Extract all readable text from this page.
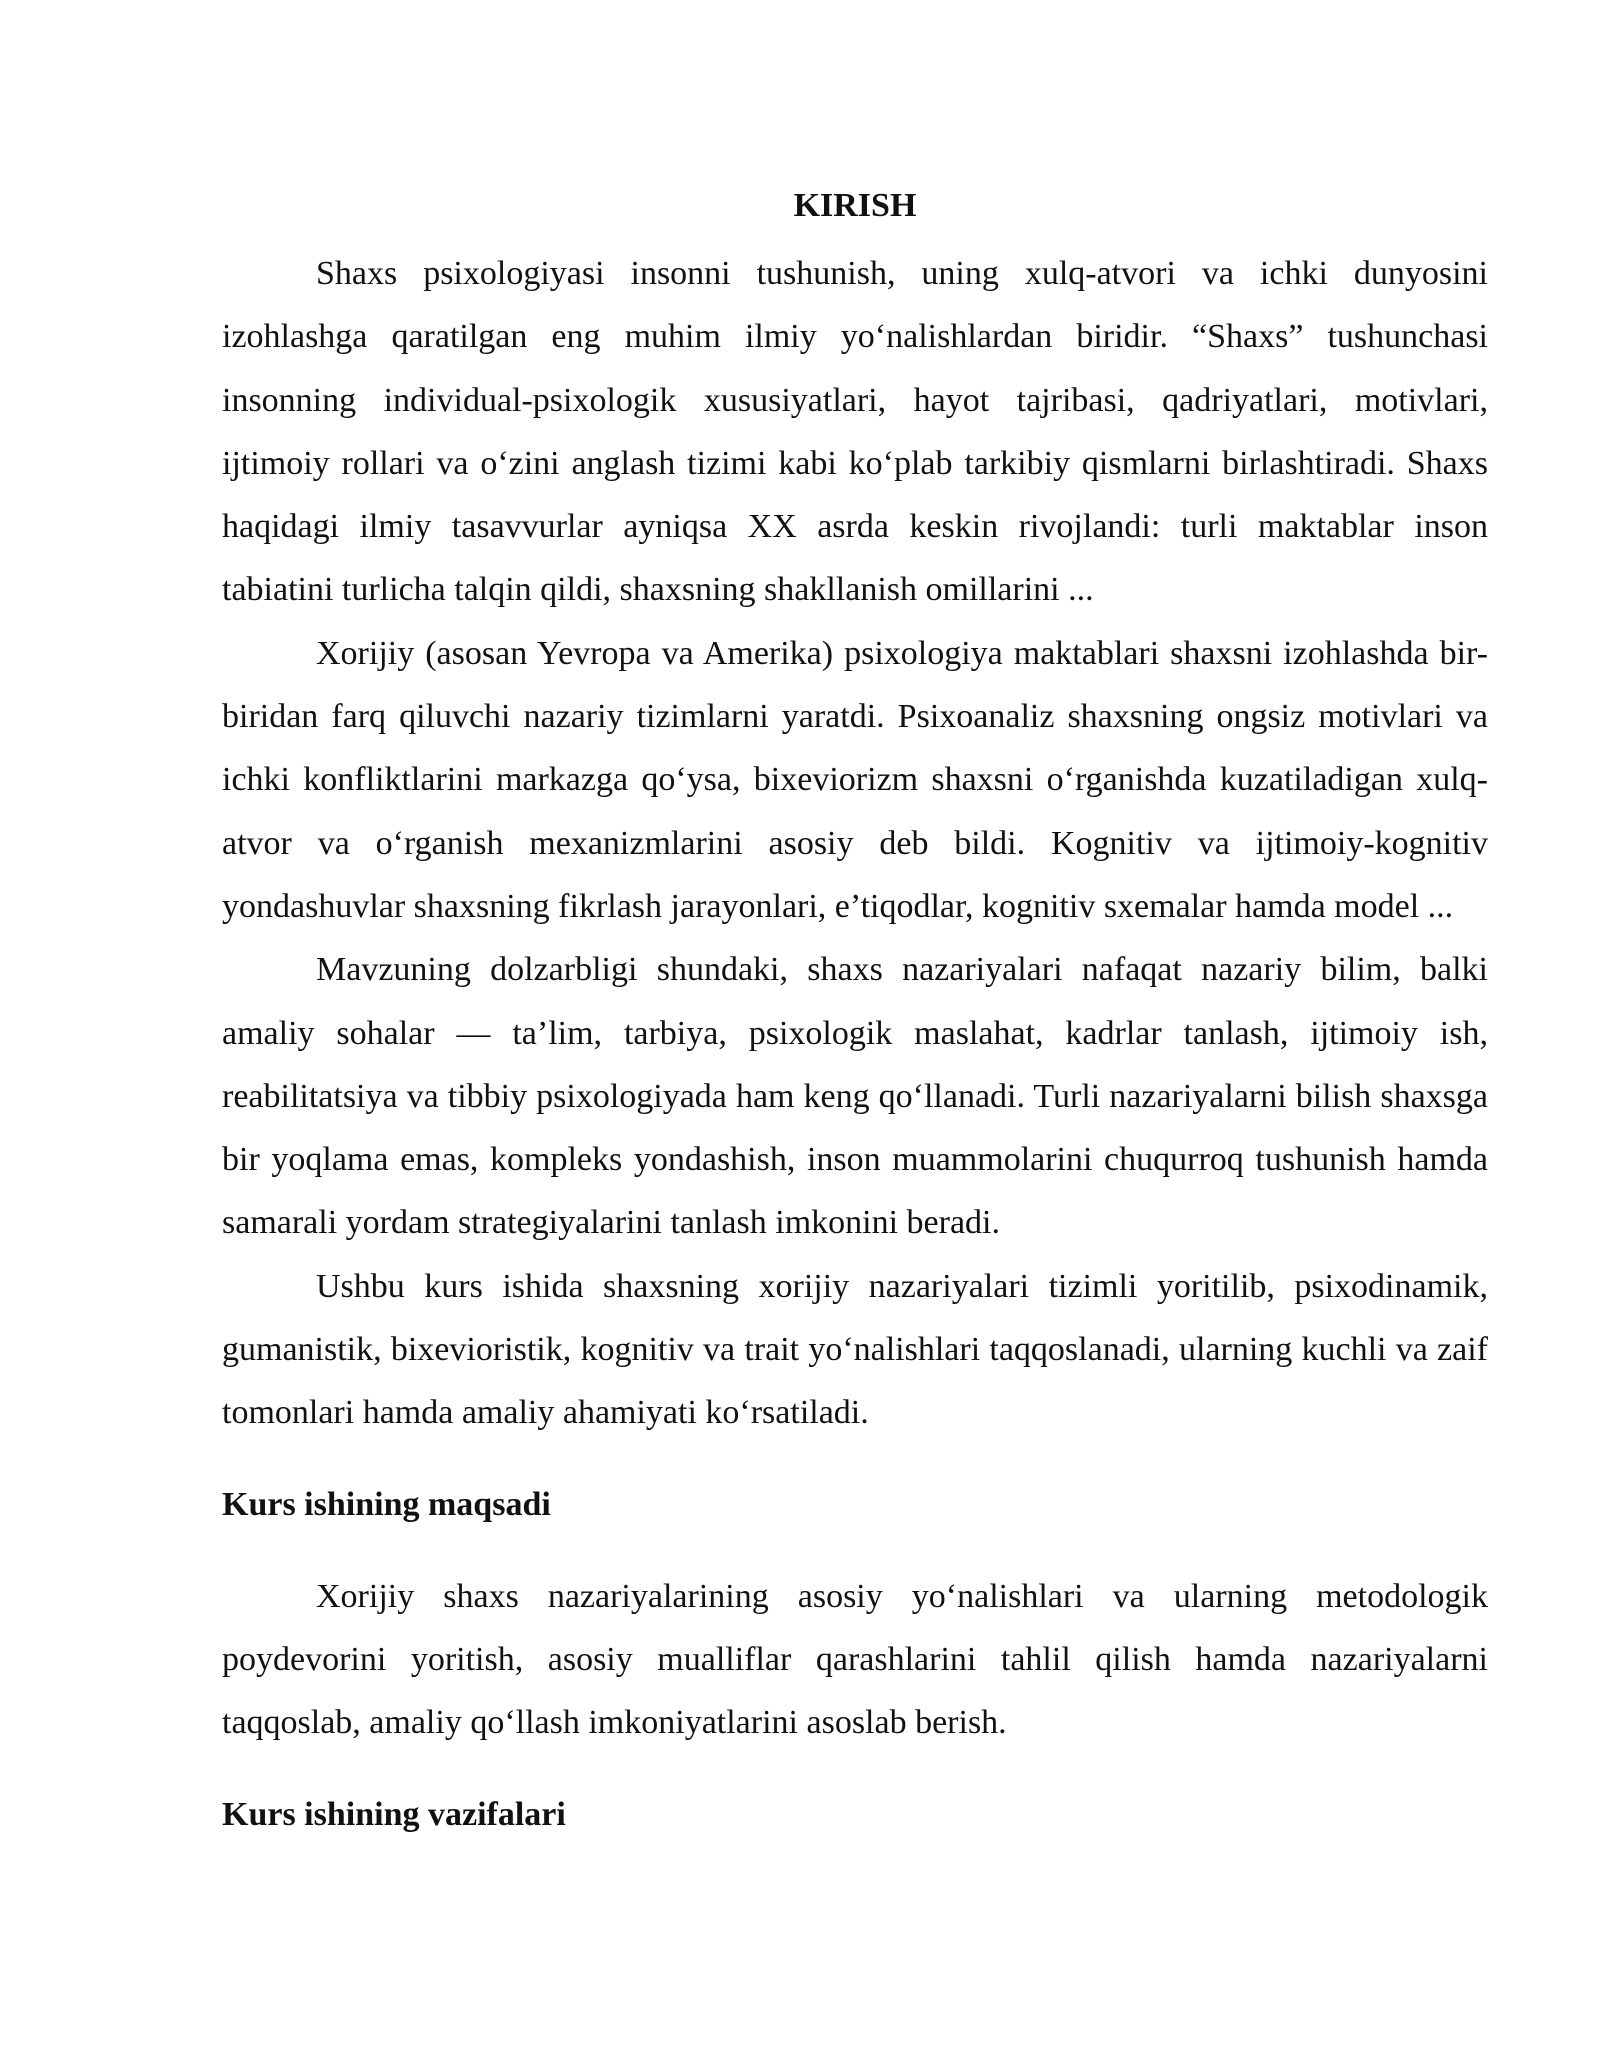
KIRISH

Shaxs psixologiyasi insonni tushunish, uning xulq-atvori va ichki dunyosini izohlashga qaratilgan eng muhim ilmiy yo‘nalishlardan biridir. “Shaxs” tushunchasi insonning individual-psixologik xususiyatlari, hayot tajribasi, qadriyatlari, motivlari, ijtimoiy rollari va o‘zini anglash tizimi kabi ko‘plab tarkibiy qismlarni birlashtiradi. Shaxs haqidagi ilmiy tasavvurlar ayniqsa XX asrda keskin rivojlandi: turli maktablar inson tabiatini turlicha talqin qildi, shaxsning shakllanish omillarini ...

Xorijiy (asosan Yevropa va Amerika) psixologiya maktablari shaxsni izohlashda bir-biridan farq qiluvchi nazariy tizimlarni yaratdi. Psixoanaliz shaxsning ongsiz motivlari va ichki konfliktlarini markazga qo‘ysa, bixeviorizm shaxsni o‘rganishda kuzatiladigan xulq-atvor va o‘rganish mexanizmlarini asosiy deb bildi. Kognitiv va ijtimoiy-kognitiv yondashuvlar shaxsning fikrlash jarayonlari, e’tiqodlar, kognitiv sxemalar hamda model ...

Mavzuning dolzarbligi shundaki, shaxs nazariyalari nafaqat nazariy bilim, balki amaliy sohalar — ta’lim, tarbiya, psixologik maslahat, kadrlar tanlash, ijtimoiy ish, reabilitatsiya va tibbiy psixologiyada ham keng qo‘llanadi. Turli nazariyalarni bilish shaxsga bir yoqlama emas, kompleks yondashish, inson muammolarini chuqurroq tushunish hamda samarali yordam strategiyalarini tanlash imkonini beradi.

Ushbu kurs ishida shaxsning xorijiy nazariyalari tizimli yoritilib, psixodinamik, gumanistik, bixevioristik, kognitiv va trait yo‘nalishlari taqqoslanadi, ularning kuchli va zaif tomonlari hamda amaliy ahamiyati ko‘rsatiladi.

Kurs ishining maqsadi

Xorijiy shaxs nazariyalarining asosiy yo‘nalishlari va ularning metodologik poydevorini yoritish, asosiy mualliflar qarashlarini tahlil qilish hamda nazariyalarni taqqoslab, amaliy qo‘llash imkoniyatlarini asoslab berish.

Kurs ishining vazifalari
